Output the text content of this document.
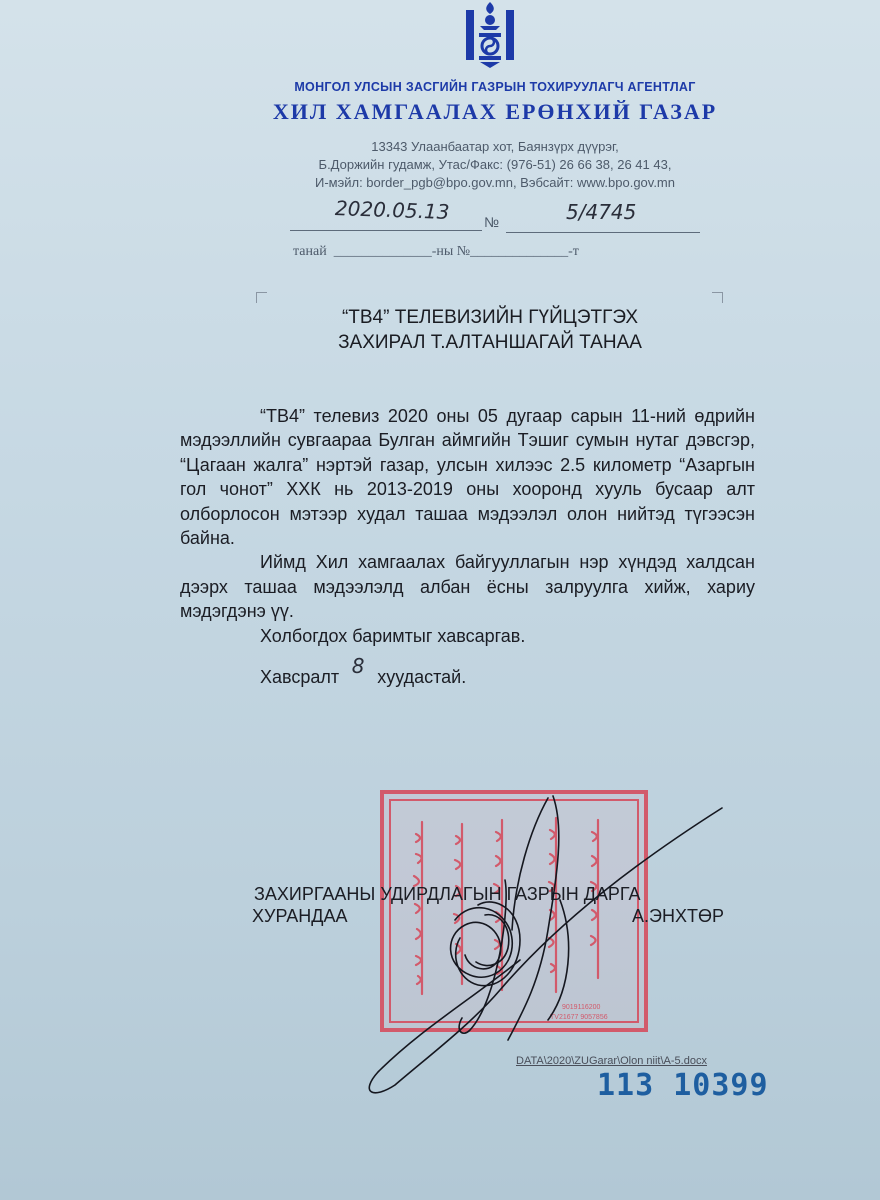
МОНГОЛ УЛСЫН ЗАСГИЙН ГАЗРЫН ТОХИРУУЛАГЧ АГЕНТЛАГ
ХИЛ ХАМГААЛАХ ЕРӨНХИЙ ГАЗАР
13343 Улаанбаатар хот, Баянзүрх дүүрэг,
Б.Доржийн гудамж, Утас/Факс: (976-51) 26 66 38, 26 41 43,
И-мэйл: border_pgb@bpo.gov.mn, Вэбсайт: www.bpo.gov.mn
2020.05.13 №	5/4745
танай  ______________-ны №______________-т
“ТВ4” ТЕЛЕВИЗИЙН ГҮЙЦЭТГЭХ
ЗАХИРАЛ Т.АЛТАНШАГАЙ ТАНАА

“ТВ4” телевиз 2020 оны 05 дугаар сарын 11-ний өдрийн мэдээллийн сувгаараа Булган аймгийн Тэшиг сумын нутаг дэвсгэр, “Цагаан жалга” нэртэй газар, улсын хилээс 2.5 километр “Азаргын гол чонот” ХХК нь 2013-2019 оны хооронд хууль бусаар алт олборлосон мэтээр худал ташаа мэдээлэл олон нийтэд түгээсэн байна.

Иймд Хил хамгаалах байгууллагын нэр хүндэд халдсан дээрх ташаа мэдээлэлд албан ёсны залруулга хийж, хариу мэдэгдэнэ үү.

Холбогдох баримтыг хавсаргав.

Хавсралт 8 хуудастай.

9019116200
TV21677 9057856
ЗАХИРГААНЫ УДИРДЛАГЫН ГАЗРЫН ДАРГА
ХУРАНДАА	А.ЭНХТӨР
DATA\2020\ZUGarar\Olon niit\A-5.docx
113 10399
